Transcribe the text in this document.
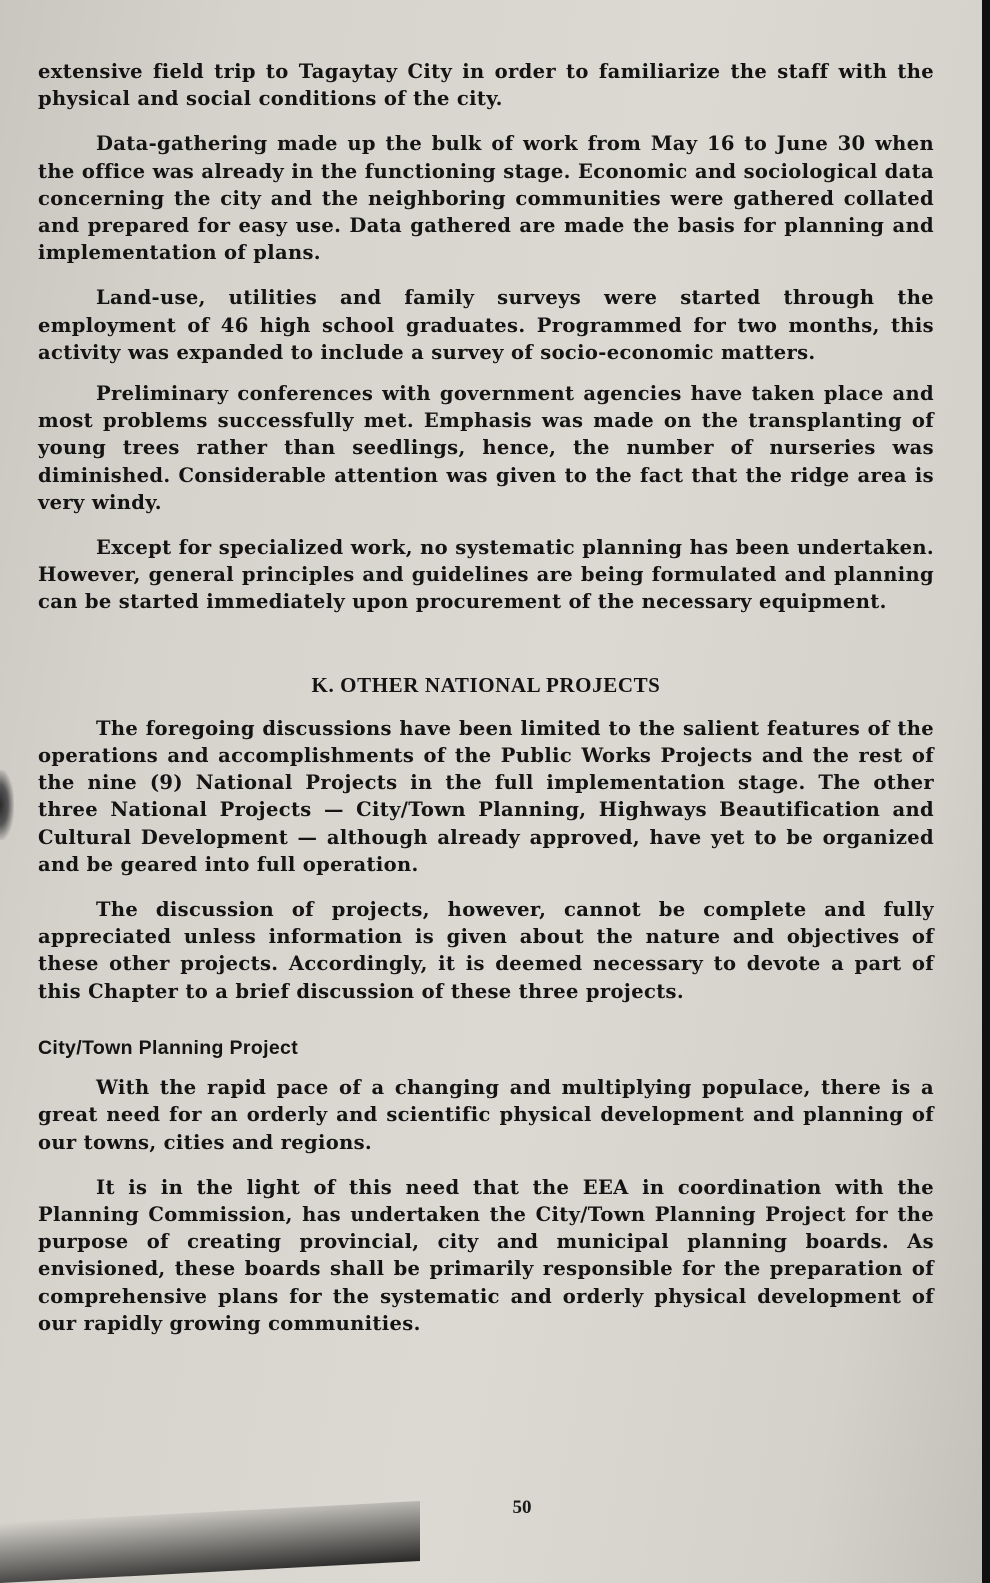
extensive field trip to Tagaytay City in order to familiarize the staff with the physical and social conditions of the city.

Data-gathering made up the bulk of work from May 16 to June 30 when the office was already in the functioning stage. Economic and sociological data concerning the city and the neighboring communities were gathered collated and prepared for easy use. Data gathered are made the basis for planning and implementation of plans.

Land-use, utilities and family surveys were started through the employment of 46 high school graduates. Programmed for two months, this activity was expanded to include a survey of socio-economic matters.

Preliminary conferences with government agencies have taken place and most problems successfully met. Emphasis was made on the transplanting of young trees rather than seedlings, hence, the number of nurseries was diminished. Considerable attention was given to the fact that the ridge area is very windy.

Except for specialized work, no systematic planning has been undertaken. However, general principles and guidelines are being formulated and planning can be started immediately upon procurement of the necessary equipment.

K. OTHER NATIONAL PROJECTS

The foregoing discussions have been limited to the salient features of the operations and accomplishments of the Public Works Projects and the rest of the nine (9) National Projects in the full implementation stage. The other three National Projects — City/Town Planning, Highways Beautification and Cultural Development — although already approved, have yet to be organized and be geared into full operation.

The discussion of projects, however, cannot be complete and fully appreciated unless information is given about the nature and objectives of these other projects. Accordingly, it is deemed necessary to devote a part of this Chapter to a brief discussion of these three projects.

City/Town Planning Project

With the rapid pace of a changing and multiplying populace, there is a great need for an orderly and scientific physical development and planning of our towns, cities and regions.

It is in the light of this need that the EEA in coordination with the Planning Commission, has undertaken the City/Town Planning Project for the purpose of creating provincial, city and municipal planning boards. As envisioned, these boards shall be primarily responsible for the preparation of comprehensive plans for the systematic and orderly physical development of our rapidly growing communities.

50
